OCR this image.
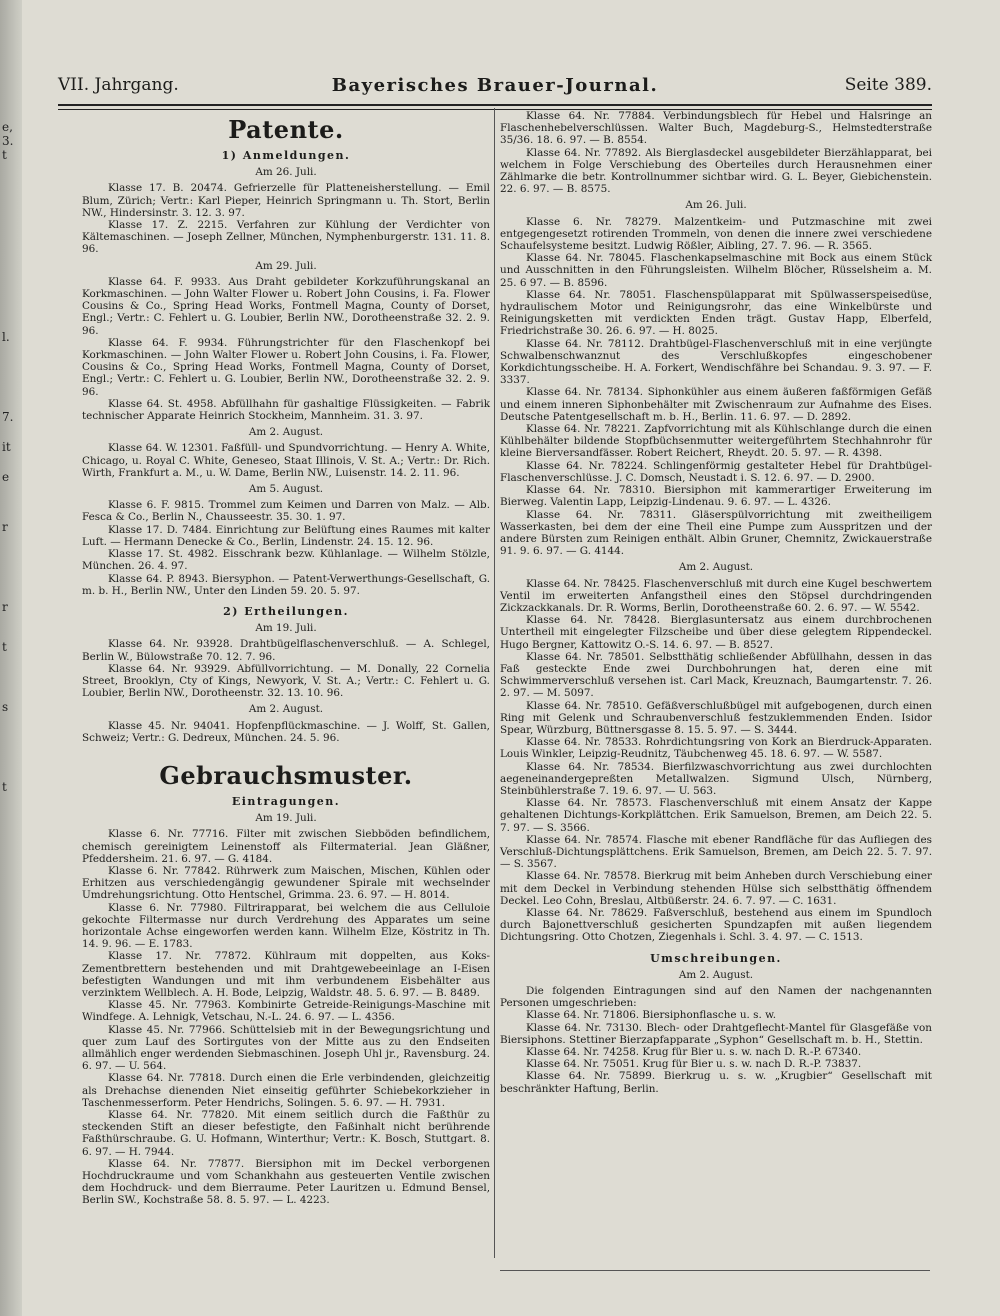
e,
3.
t
l.
7.
it
e
r
r
t
s
t
VII. Jahrgang.	Bayerisches Brauer-Journal.	Seite 389.
Patente.
1) Anmeldungen.
Am 26. Juli.

Klasse 17. B. 20474. Gefrierzelle für Platteneisherstellung. — Emil Blum, Zürich; Vertr.: Karl Pieper, Heinrich Springmann u. Th. Stort, Berlin NW., Hindersinstr. 3. 12. 3. 97.

Klasse 17. Z. 2215. Verfahren zur Kühlung der Verdichter von Kältemaschinen. — Joseph Zellner, München, Nymphenburgerstr. 131. 11. 8. 96.

Am 29. Juli.

Klasse 64. F. 9933. Aus Draht gebildeter Korkzuführungskanal an Korkmaschinen. — John Walter Flower u. Robert John Cousins, i. Fa. Flower Cousins & Co., Spring Head Works, Fontmell Magna, County of Dorset, Engl.; Vertr.: C. Fehlert u. G. Loubier, Berlin NW., Dorotheenstraße 32. 2. 9. 96.

Klasse 64. F. 9934. Führungstrichter für den Flaschenkopf bei Korkmaschinen. — John Walter Flower u. Robert John Cousins, i. Fa. Flower, Cousins & Co., Spring Head Works, Fontmell Magna, County of Dorset, Engl.; Vertr.: C. Fehlert u. G. Loubier, Berlin NW., Dorotheenstraße 32. 2. 9. 96.

Klasse 64. St. 4958. Abfüllhahn für gashaltige Flüssigkeiten. — Fabrik technischer Apparate Heinrich Stockheim, Mannheim. 31. 3. 97.

Am 2. August.

Klasse 64. W. 12301. Faßfüll- und Spundvorrichtung. — Henry A. White, Chicago, u. Royal C. White, Geneseo, Staat Illinois, V. St. A.; Vertr.: Dr. Rich. Wirth, Frankfurt a. M., u. W. Dame, Berlin NW., Luisenstr. 14. 2. 11. 96.

Am 5. August.

Klasse 6. F. 9815. Trommel zum Keimen und Darren von Malz. — Alb. Fesca & Co., Berlin N., Chausseestr. 35. 30. 1. 97.

Klasse 17. D. 7484. Einrichtung zur Belüftung eines Raumes mit kalter Luft. — Hermann Denecke & Co., Berlin, Lindenstr. 24. 15. 12. 96.

Klasse 17. St. 4982. Eisschrank bezw. Kühlanlage. — Wilhelm Stölzle, München. 26. 4. 97.

Klasse 64. P. 8943. Biersyphon. — Patent-Verwerthungs-Gesellschaft, G. m. b. H., Berlin NW., Unter den Linden 59. 20. 5. 97.

2) Ertheilungen.
Am 19. Juli.

Klasse 64. Nr. 93928. Drahtbügelflaschenverschluß. — A. Schlegel, Berlin W., Bülowstraße 70. 12. 7. 96.

Klasse 64. Nr. 93929. Abfüllvorrichtung. — M. Donally, 22 Cornelia Street, Brooklyn, Cty of Kings, Newyork, V. St. A.; Vertr.: C. Fehlert u. G. Loubier, Berlin NW., Dorotheenstr. 32. 13. 10. 96.

Am 2. August.

Klasse 45. Nr. 94041. Hopfenpflückmaschine. — J. Wolff, St. Gallen, Schweiz; Vertr.: G. Dedreux, München. 24. 5. 96.

Gebrauchsmuster.
Eintragungen.
Am 19. Juli.

Klasse 6. Nr. 77716. Filter mit zwischen Siebböden befindlichem, chemisch gereinigtem Leinenstoff als Filtermaterial. Jean Gläßner, Pfeddersheim. 21. 6. 97. — G. 4184.

Klasse 6. Nr. 77842. Rührwerk zum Maischen, Mischen, Kühlen oder Erhitzen aus verschiedengängig gewundener Spirale mit wechselnder Umdrehungsrichtung. Otto Hentschel, Grimma. 23. 6. 97. — H. 8014.

Klasse 6. Nr. 77980. Filtrirapparat, bei welchem die aus Celluloie gekochte Filtermasse nur durch Verdrehung des Apparates um seine horizontale Achse eingeworfen werden kann. Wilhelm Elze, Köstritz in Th. 14. 9. 96. — E. 1783.

Klasse 17. Nr. 77872. Kühlraum mit doppelten, aus Koks-Zementbrettern bestehenden und mit Drahtgewebeeinlage an I-Eisen befestigten Wandungen und mit ihm verbundenem Eisbehälter aus verzinktem Wellblech. A. H. Bode, Leipzig, Waldstr. 48. 5. 6. 97. — B. 8489.

Klasse 45. Nr. 77963. Kombinirte Getreide-Reinigungs-Maschine mit Windfege. A. Lehnigk, Vetschau, N.-L. 24. 6. 97. — L. 4356.

Klasse 45. Nr. 77966. Schüttelsieb mit in der Bewegungsrichtung und quer zum Lauf des Sortirgutes von der Mitte aus zu den Endseiten allmählich enger werdenden Siebmaschinen. Joseph Uhl jr., Ravensburg. 24. 6. 97. — U. 564.

Klasse 64. Nr. 77818. Durch einen die Erle verbindenden, gleichzeitig als Drehachse dienenden Niet einseitig geführter Schiebekorkzieher in Taschenmesserform. Peter Hendrichs, Solingen. 5. 6. 97. — H. 7931.

Klasse 64. Nr. 77820. Mit einem seitlich durch die Faßthür zu steckenden Stift an dieser befestigte, den Faßinhalt nicht berührende Faßthürschraube. G. U. Hofmann, Winterthur; Vertr.: K. Bosch, Stuttgart. 8. 6. 97. — H. 7944.

Klasse 64. Nr. 77877. Biersiphon mit im Deckel verborgenen Hochdruckraume und vom Schankhahn aus gesteuerten Ventile zwischen dem Hochdruck- und dem Bierraume. Peter Lauritzen u. Edmund Bensel, Berlin SW., Kochstraße 58. 8. 5. 97. — L. 4223.

Klasse 64. Nr. 77884. Verbindungsblech für Hebel und Halsringe an Flaschenhebelverschlüssen. Walter Buch, Magdeburg-S., Helmstedterstraße 35/36. 18. 6. 97. — B. 8554.

Klasse 64. Nr. 77892. Als Bierglasdeckel ausgebildeter Bierzählapparat, bei welchem in Folge Verschiebung des Oberteiles durch Herausnehmen einer Zählmarke die betr. Kontrollnummer sichtbar wird. G. L. Beyer, Giebichenstein. 22. 6. 97. — B. 8575.

Am 26. Juli.

Klasse 6. Nr. 78279. Malzentkeim- und Putzmaschine mit zwei entgegengesetzt rotirenden Trommeln, von denen die innere zwei verschiedene Schaufelsysteme besitzt. Ludwig Rößler, Aibling, 27. 7. 96. — R. 3565.

Klasse 64. Nr. 78045. Flaschenkapselmaschine mit Bock aus einem Stück und Ausschnitten in den Führungsleisten. Wilhelm Blöcher, Rüsselsheim a. M. 25. 6 97. — B. 8596.

Klasse 64. Nr. 78051. Flaschenspülapparat mit Spülwasserspeisedüse, hydraulischem Motor und Reinigungsrohr, das eine Winkelbürste und Reinigungsketten mit verdickten Enden trägt. Gustav Happ, Elberfeld, Friedrichstraße 30. 26. 6. 97. — H. 8025.

Klasse 64. Nr. 78112. Drahtbügel-Flaschenverschluß mit in eine verjüngte Schwalbenschwanznut des Verschlußkopfes eingeschobener Korkdichtungsscheibe. H. A. Forkert, Wendischfähre bei Schandau. 9. 3. 97. — F. 3337.

Klasse 64. Nr. 78134. Siphonkühler aus einem äußeren faßförmigen Gefäß und einem inneren Siphonbehälter mit Zwischenraum zur Aufnahme des Eises. Deutsche Patentgesellschaft m. b. H., Berlin. 11. 6. 97. — D. 2892.

Klasse 64. Nr. 78221. Zapfvorrichtung mit als Kühlschlange durch die einen Kühlbehälter bildende Stopfbüchsenmutter weitergeführtem Stechhahnrohr für kleine Bierversandfässer. Robert Reichert, Rheydt. 20. 5. 97. — R. 4398.

Klasse 64. Nr. 78224. Schlingenförmig gestalteter Hebel für Drahtbügel-Flaschenverschlüsse. J. C. Domsch, Neustadt i. S. 12. 6. 97. — D. 2900.

Klasse 64. Nr. 78310. Biersiphon mit kammerartiger Erweiterung im Bierweg. Valentin Lapp, Leipzig-Lindenau. 9. 6. 97. — L. 4326.

Klasse 64. Nr. 78311. Gläserspülvorrichtung mit zweitheiligem Wasserkasten, bei dem der eine Theil eine Pumpe zum Ausspritzen und der andere Bürsten zum Reinigen enthält. Albin Gruner, Chemnitz, Zwickauerstraße 91. 9. 6. 97. — G. 4144.

Am 2. August.

Klasse 64. Nr. 78425. Flaschenverschluß mit durch eine Kugel beschwertem Ventil im erweiterten Anfangstheil eines den Stöpsel durchdringenden Zickzackkanals. Dr. R. Worms, Berlin, Dorotheenstraße 60. 2. 6. 97. — W. 5542.

Klasse 64. Nr. 78428. Bierglasuntersatz aus einem durchbrochenen Untertheil mit eingelegter Filzscheibe und über diese gelegtem Rippendeckel. Hugo Bergner, Kattowitz O.-S. 14. 6. 97. — B. 8527.

Klasse 64. Nr. 78501. Selbstthätig schließender Abfüllhahn, dessen in das Faß gesteckte Ende zwei Durchbohrungen hat, deren eine mit Schwimmerverschluß versehen ist. Carl Mack, Kreuznach, Baumgartenstr. 7. 26. 2. 97. — M. 5097.

Klasse 64. Nr. 78510. Gefäßverschlußbügel mit aufgebogenen, durch einen Ring mit Gelenk und Schraubenverschluß festzuklemmenden Enden. Isidor Spear, Würzburg, Büttnersgasse 8. 15. 5. 97. — S. 3444.

Klasse 64. Nr. 78533. Rohrdichtungsring von Kork an Bierdruck-Apparaten. Louis Winkler, Leipzig-Reudnitz, Täubchenweg 45. 18. 6. 97. — W. 5587.

Klasse 64. Nr. 78534. Bierfilzwaschvorrichtung aus zwei durchlochten aegeneinandergepreßten Metallwalzen. Sigmund Ulsch, Nürnberg, Steinbühlerstraße 7. 19. 6. 97. — U. 563.

Klasse 64. Nr. 78573. Flaschenverschluß mit einem Ansatz der Kappe gehaltenen Dichtungs-Korkplättchen. Erik Samuelson, Bremen, am Deich 22. 5. 7. 97. — S. 3566.

Klasse 64. Nr. 78574. Flasche mit ebener Randfläche für das Aufliegen des Verschluß-Dichtungsplättchens. Erik Samuelson, Bremen, am Deich 22. 5. 7. 97. — S. 3567.

Klasse 64. Nr. 78578. Bierkrug mit beim Anheben durch Verschiebung einer mit dem Deckel in Verbindung stehenden Hülse sich selbstthätig öffnendem Deckel. Leo Cohn, Breslau, Altbüßerstr. 24. 6. 7. 97. — C. 1631.

Klasse 64. Nr. 78629. Faßverschluß, bestehend aus einem im Spundloch durch Bajonettverschluß gesicherten Spundzapfen mit außen liegendem Dichtungsring. Otto Chotzen, Ziegenhals i. Schl. 3. 4. 97. — C. 1513.

Umschreibungen.
Am 2. August.

Die folgenden Eintragungen sind auf den Namen der nachgenannten Personen umgeschrieben:

Klasse 64. Nr. 71806. Biersiphonflasche u. s. w.

Klasse 64. Nr. 73130. Blech- oder Drahtgeflecht-Mantel für Glasgefäße von Biersiphons. Stettiner Bierzapfapparate „Syphon“ Gesellschaft m. b. H., Stettin.

Klasse 64. Nr. 74258. Krug für Bier u. s. w. nach D. R.-P. 67340.

Klasse 64. Nr. 75051. Krug für Bier u. s. w. nach D. R.-P. 73837.

Klasse 64. Nr. 75899. Bierkrug u. s. w. „Krugbier“ Gesellschaft mit beschränkter Haftung, Berlin.
